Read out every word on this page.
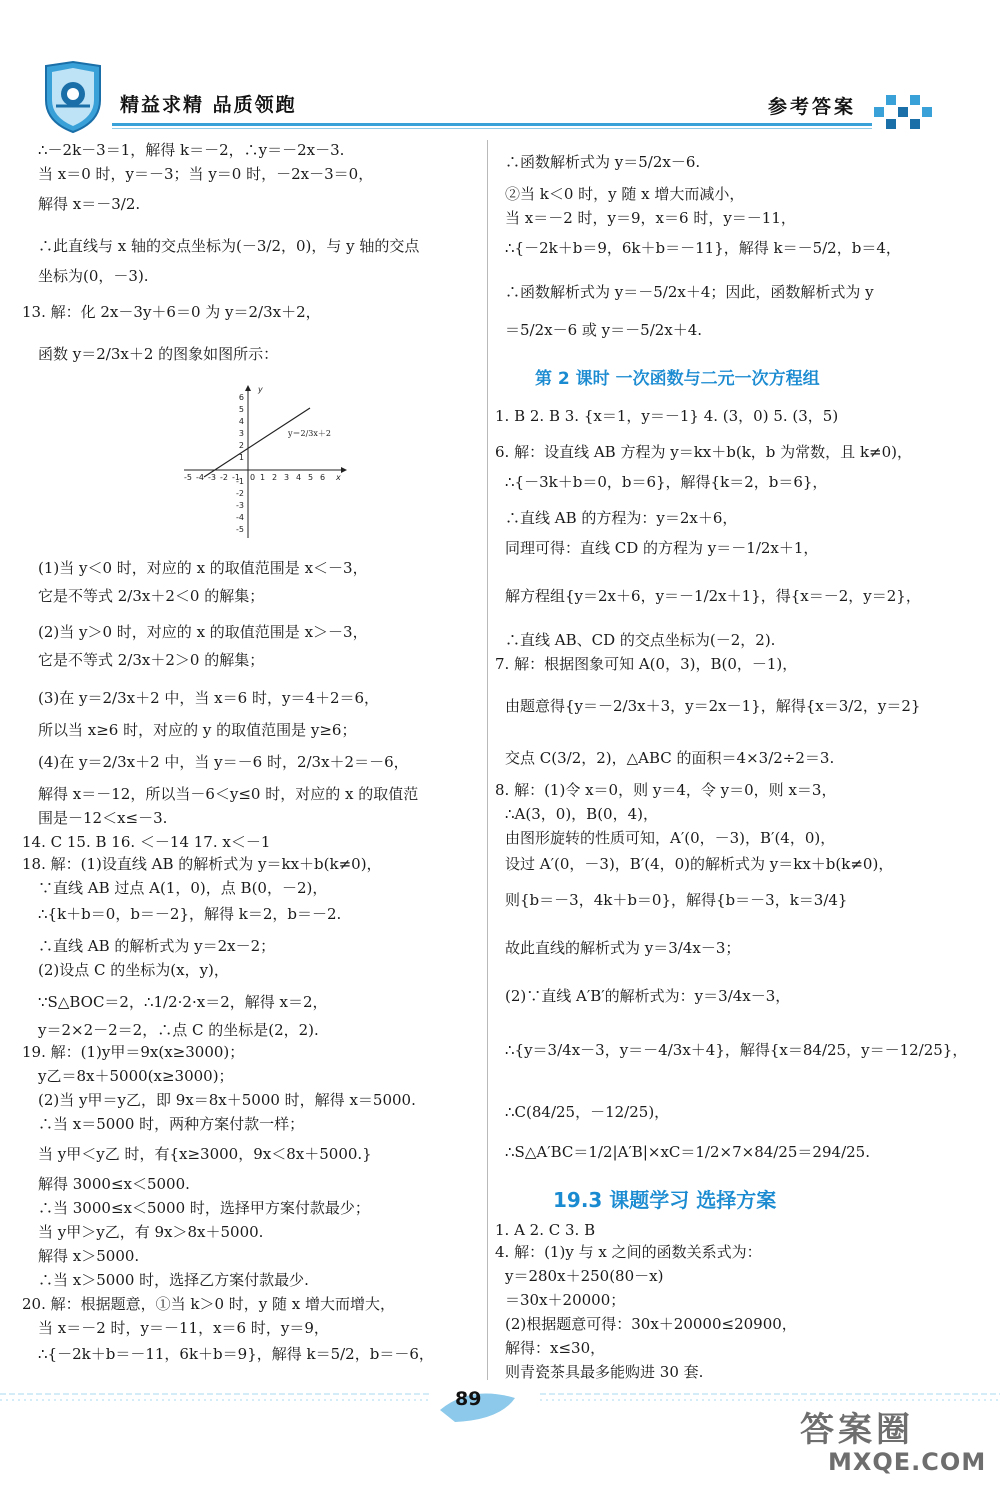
精益求精 品质领跑	参考答案
∴－2k－3＝1，解得 k＝－2，∴y＝－2x－3.
当 x＝0 时，y＝－3；当 y＝0 时，－2x－3＝0，
解得 x＝－3/2.
∴此直线与 x 轴的交点坐标为(－3/2，0)，与 y 轴的交点
坐标为(0，－3).
13. 解：化 2x－3y＋6＝0 为 y＝2/3x＋2，
函数 y＝2/3x＋2 的图象如图所示：
(1)当 y＜0 时，对应的 x 的取值范围是 x＜－3，
它是不等式 2/3x＋2＜0 的解集；
(2)当 y＞0 时，对应的 x 的取值范围是 x＞－3，
它是不等式 2/3x＋2＞0 的解集；
(3)在 y＝2/3x＋2 中，当 x＝6 时，y＝4＋2＝6，
所以当 x≥6 时，对应的 y 的取值范围是 y≥6；
(4)在 y＝2/3x＋2 中，当 y＝－6 时，2/3x＋2＝－6，
解得 x＝－12，所以当－6＜y≤0 时，对应的 x 的取值范
围是－12＜x≤－3.
14. C 15. B 16. ＜－14 17. x＜－1
18. 解：(1)设直线 AB 的解析式为 y＝kx＋b(k≠0)，
∵直线 AB 过点 A(1，0)，点 B(0，－2)，
∴{k＋b＝0，b＝－2}，解得 k＝2，b＝－2.
∴直线 AB 的解析式为 y＝2x－2；
(2)设点 C 的坐标为(x，y)，
∵S△BOC＝2，∴1/2·2·x＝2，解得 x＝2，
y＝2×2－2＝2，∴点 C 的坐标是(2，2).
19. 解：(1)y甲＝9x(x≥3000)；
y乙＝8x＋5000(x≥3000)；
(2)当 y甲＝y乙，即 9x＝8x＋5000 时，解得 x＝5000.
∴当 x＝5000 时，两种方案付款一样；
当 y甲＜y乙 时，有{x≥3000，9x＜8x＋5000.}
解得 3000≤x＜5000.
∴当 3000≤x＜5000 时，选择甲方案付款最少；
当 y甲＞y乙，有 9x＞8x＋5000.
解得 x＞5000.
∴当 x＞5000 时，选择乙方案付款最少.
20. 解：根据题意，①当 k＞0 时，y 随 x 增大而增大，
当 x＝－2 时，y＝－11，x＝6 时，y＝9，
∴{－2k＋b＝－11，6k＋b＝9}，解得 k＝5/2，b＝－6，
-5 -4 -3 -2 -1 0 1 2 3 4 5 6 x
y
6
5
4
3
2
1
-1
-2
-3
-4
-5
y＝2/3x＋2
∴函数解析式为 y＝5/2x－6.
②当 k＜0 时，y 随 x 增大而减小，
当 x＝－2 时，y＝9，x＝6 时，y＝－11，
∴{－2k＋b＝9，6k＋b＝－11}，解得 k＝－5/2，b＝4，
∴函数解析式为 y＝－5/2x＋4；因此，函数解析式为 y
＝5/2x－6 或 y＝－5/2x＋4.
第 2 课时 一次函数与二元一次方程组
1. B 2. B 3. {x＝1，y＝－1} 4. (3，0) 5. (3，5)
6. 解：设直线 AB 方程为 y＝kx＋b(k，b 为常数，且 k≠0)，
∴{－3k＋b＝0，b＝6}，解得{k＝2，b＝6}，
∴直线 AB 的方程为：y＝2x＋6，
同理可得：直线 CD 的方程为 y＝－1/2x＋1，
解方程组{y＝2x＋6，y＝－1/2x＋1}，得{x＝－2，y＝2}，
∴直线 AB、CD 的交点坐标为(－2，2).
7. 解：根据图象可知 A(0，3)，B(0，－1)，
由题意得{y＝－2/3x＋3，y＝2x－1}，解得{x＝3/2，y＝2}
交点 C(3/2，2)，△ABC 的面积＝4×3/2÷2＝3.
8. 解：(1)令 x＝0，则 y＝4，令 y＝0，则 x＝3，
∴A(3，0)，B(0，4)，
由图形旋转的性质可知，A′(0，－3)，B′(4，0)，
设过 A′(0，－3)，B′(4，0)的解析式为 y＝kx＋b(k≠0)，
则{b＝－3，4k＋b＝0}，解得{b＝－3，k＝3/4}
故此直线的解析式为 y＝3/4x－3；
(2)∵直线 A′B′的解析式为：y＝3/4x－3，
∴{y＝3/4x－3，y＝－4/3x＋4}，解得{x＝84/25，y＝－12/25}，
∴C(84/25，－12/25)，
∴S△A′BC＝1/2|A′B|×xC＝1/2×7×84/25＝294/25.
19.3 课题学习 选择方案
1. A 2. C 3. B
4. 解：(1)y 与 x 之间的函数关系式为：
y＝280x＋250(80－x)
＝30x＋20000；
(2)根据题意可得：30x＋20000≤20900，
解得：x≤30，
则青瓷茶具最多能购进 30 套.
89
答案圈
MXQE.COM
